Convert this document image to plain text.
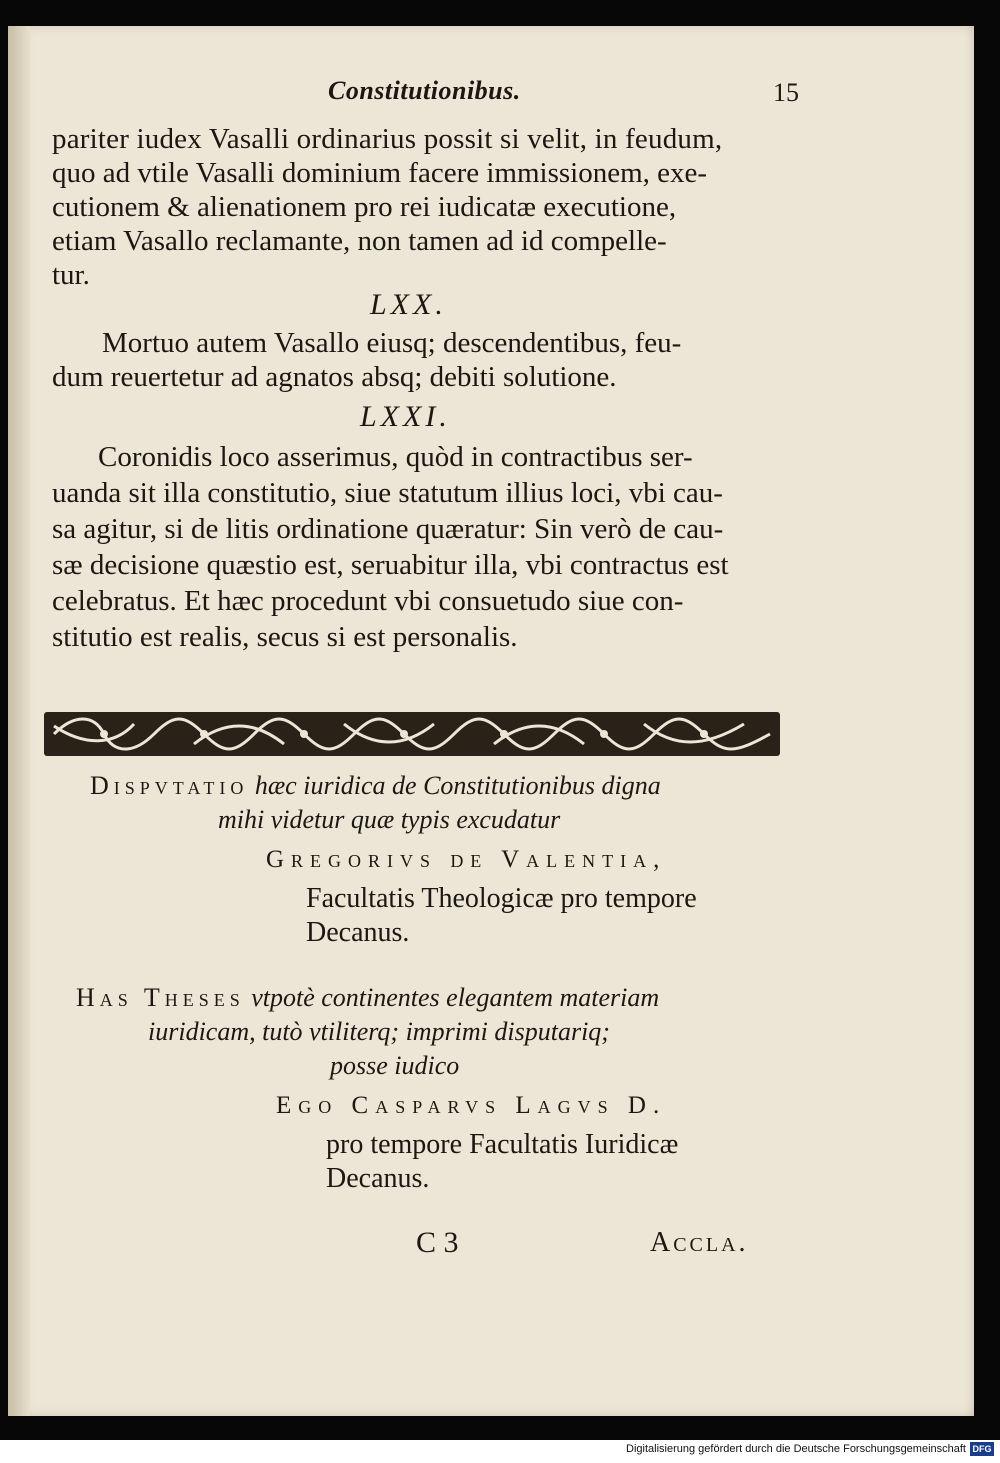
Constitutionibus.	15
pariter iudex Vasalli ordinarius possit si velit, in feudum,
quo ad vtile Vasalli dominium facere immissionem, exe-
cutionem & alienationem pro rei iudicatæ executione,
etiam Vasallo reclamante, non tamen ad id compelle-
tur.
LXX.
Mortuo autem Vasallo eiusq; descendentibus, feu-
dum reuertetur ad agnatos absq; debiti solutione.
LXXI.
Coronidis loco asserimus, quòd in contractibus ser-
uanda sit illa constitutio, siue statutum illius loci, vbi cau-
sa agitur, si de litis ordinatione quæratur: Sin verò de cau-
sæ decisione quæstio est, seruabitur illa, vbi contractus est
celebratus. Et hæc procedunt vbi consuetudo siue con-
stitutio est realis, secus si est personalis.
Dispvtatio hæc iuridica de Constitutionibus digna
mihi videtur quæ typis excudatur
Gregorivs de Valentia,
Facultatis Theologicæ pro tempore
Decanus.
Has Theses vtpotè continentes elegantem materiam
iuridicam, tutò vtiliterq; imprimi disputariq;
posse iudico
Ego Casparvs Lagvs D.
pro tempore Facultatis Iuridicæ
Decanus.
C 3	Accla.
Digitalisierung gefördert durch die Deutsche Forschungsgemeinschaft DFG
